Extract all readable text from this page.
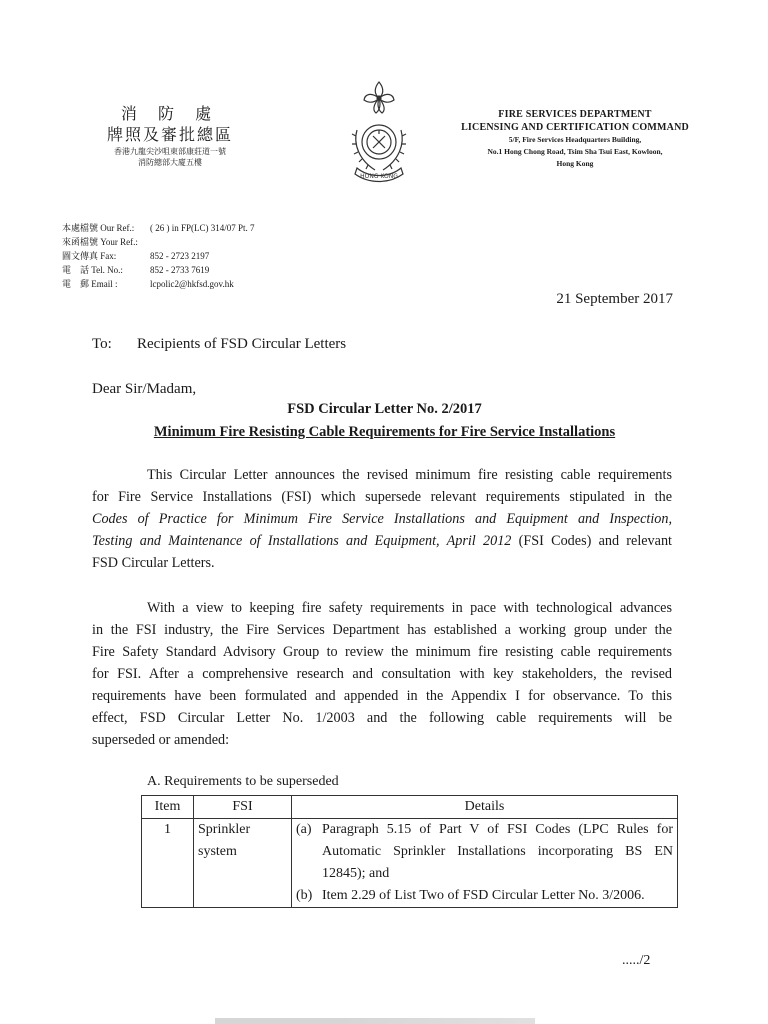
消 防 處
牌照及審批總區
香港九龍尖沙咀東部康莊道一號
消防總部大廈五樓
HONG KONG
FIRE SERVICES DEPARTMENT
LICENSING AND CERTIFICATION COMMAND
5/F, Fire Services Headquarters Building,
No.1 Hong Chong Road, Tsim Sha Tsui East, Kowloon,
Hong Kong
本處檔號 Our Ref.:	( 26 ) in FP(LC) 314/07 Pt. 7
來函檔號 Your Ref.:
圖文傳真 Fax:	852 - 2723 2197
電　話 Tel. No.:	852 - 2733 7619
電　郵 Email :	lcpolic2@hkfsd.gov.hk
21 September 2017
To: Recipients of FSD Circular Letters
Dear Sir/Madam,
FSD Circular Letter No. 2/2017
Minimum Fire Resisting Cable Requirements for Fire Service Installations
This Circular Letter announces the revised minimum fire resisting cable requirements
for Fire Service Installations (FSI) which supersede relevant requirements stipulated in the
Codes of Practice for Minimum Fire Service Installations and Equipment and Inspection,
Testing and Maintenance of Installations and Equipment, April 2012 (FSI Codes) and relevant
FSD Circular Letters.
With a view to keeping fire safety requirements in pace with technological advances
in the FSI industry, the Fire Services Department has established a working group under the
Fire Safety Standard Advisory Group to review the minimum fire resisting cable requirements
for FSI. After a comprehensive research and consultation with key stakeholders, the revised
requirements have been formulated and appended in the Appendix I for observance. To this
effect, FSD Circular Letter No. 1/2003 and the following cable requirements will be
superseded or amended:
A. Requirements to be superseded
Item	FSI	Details
1	Sprinkler system	(a) Paragraph 5.15 of Part V of FSI Codes (LPC Rules for Automatic Sprinkler Installations incorporating BS EN 12845); and
(b) Item 2.29 of List Two of FSD Circular Letter No. 3/2006.
...../2
